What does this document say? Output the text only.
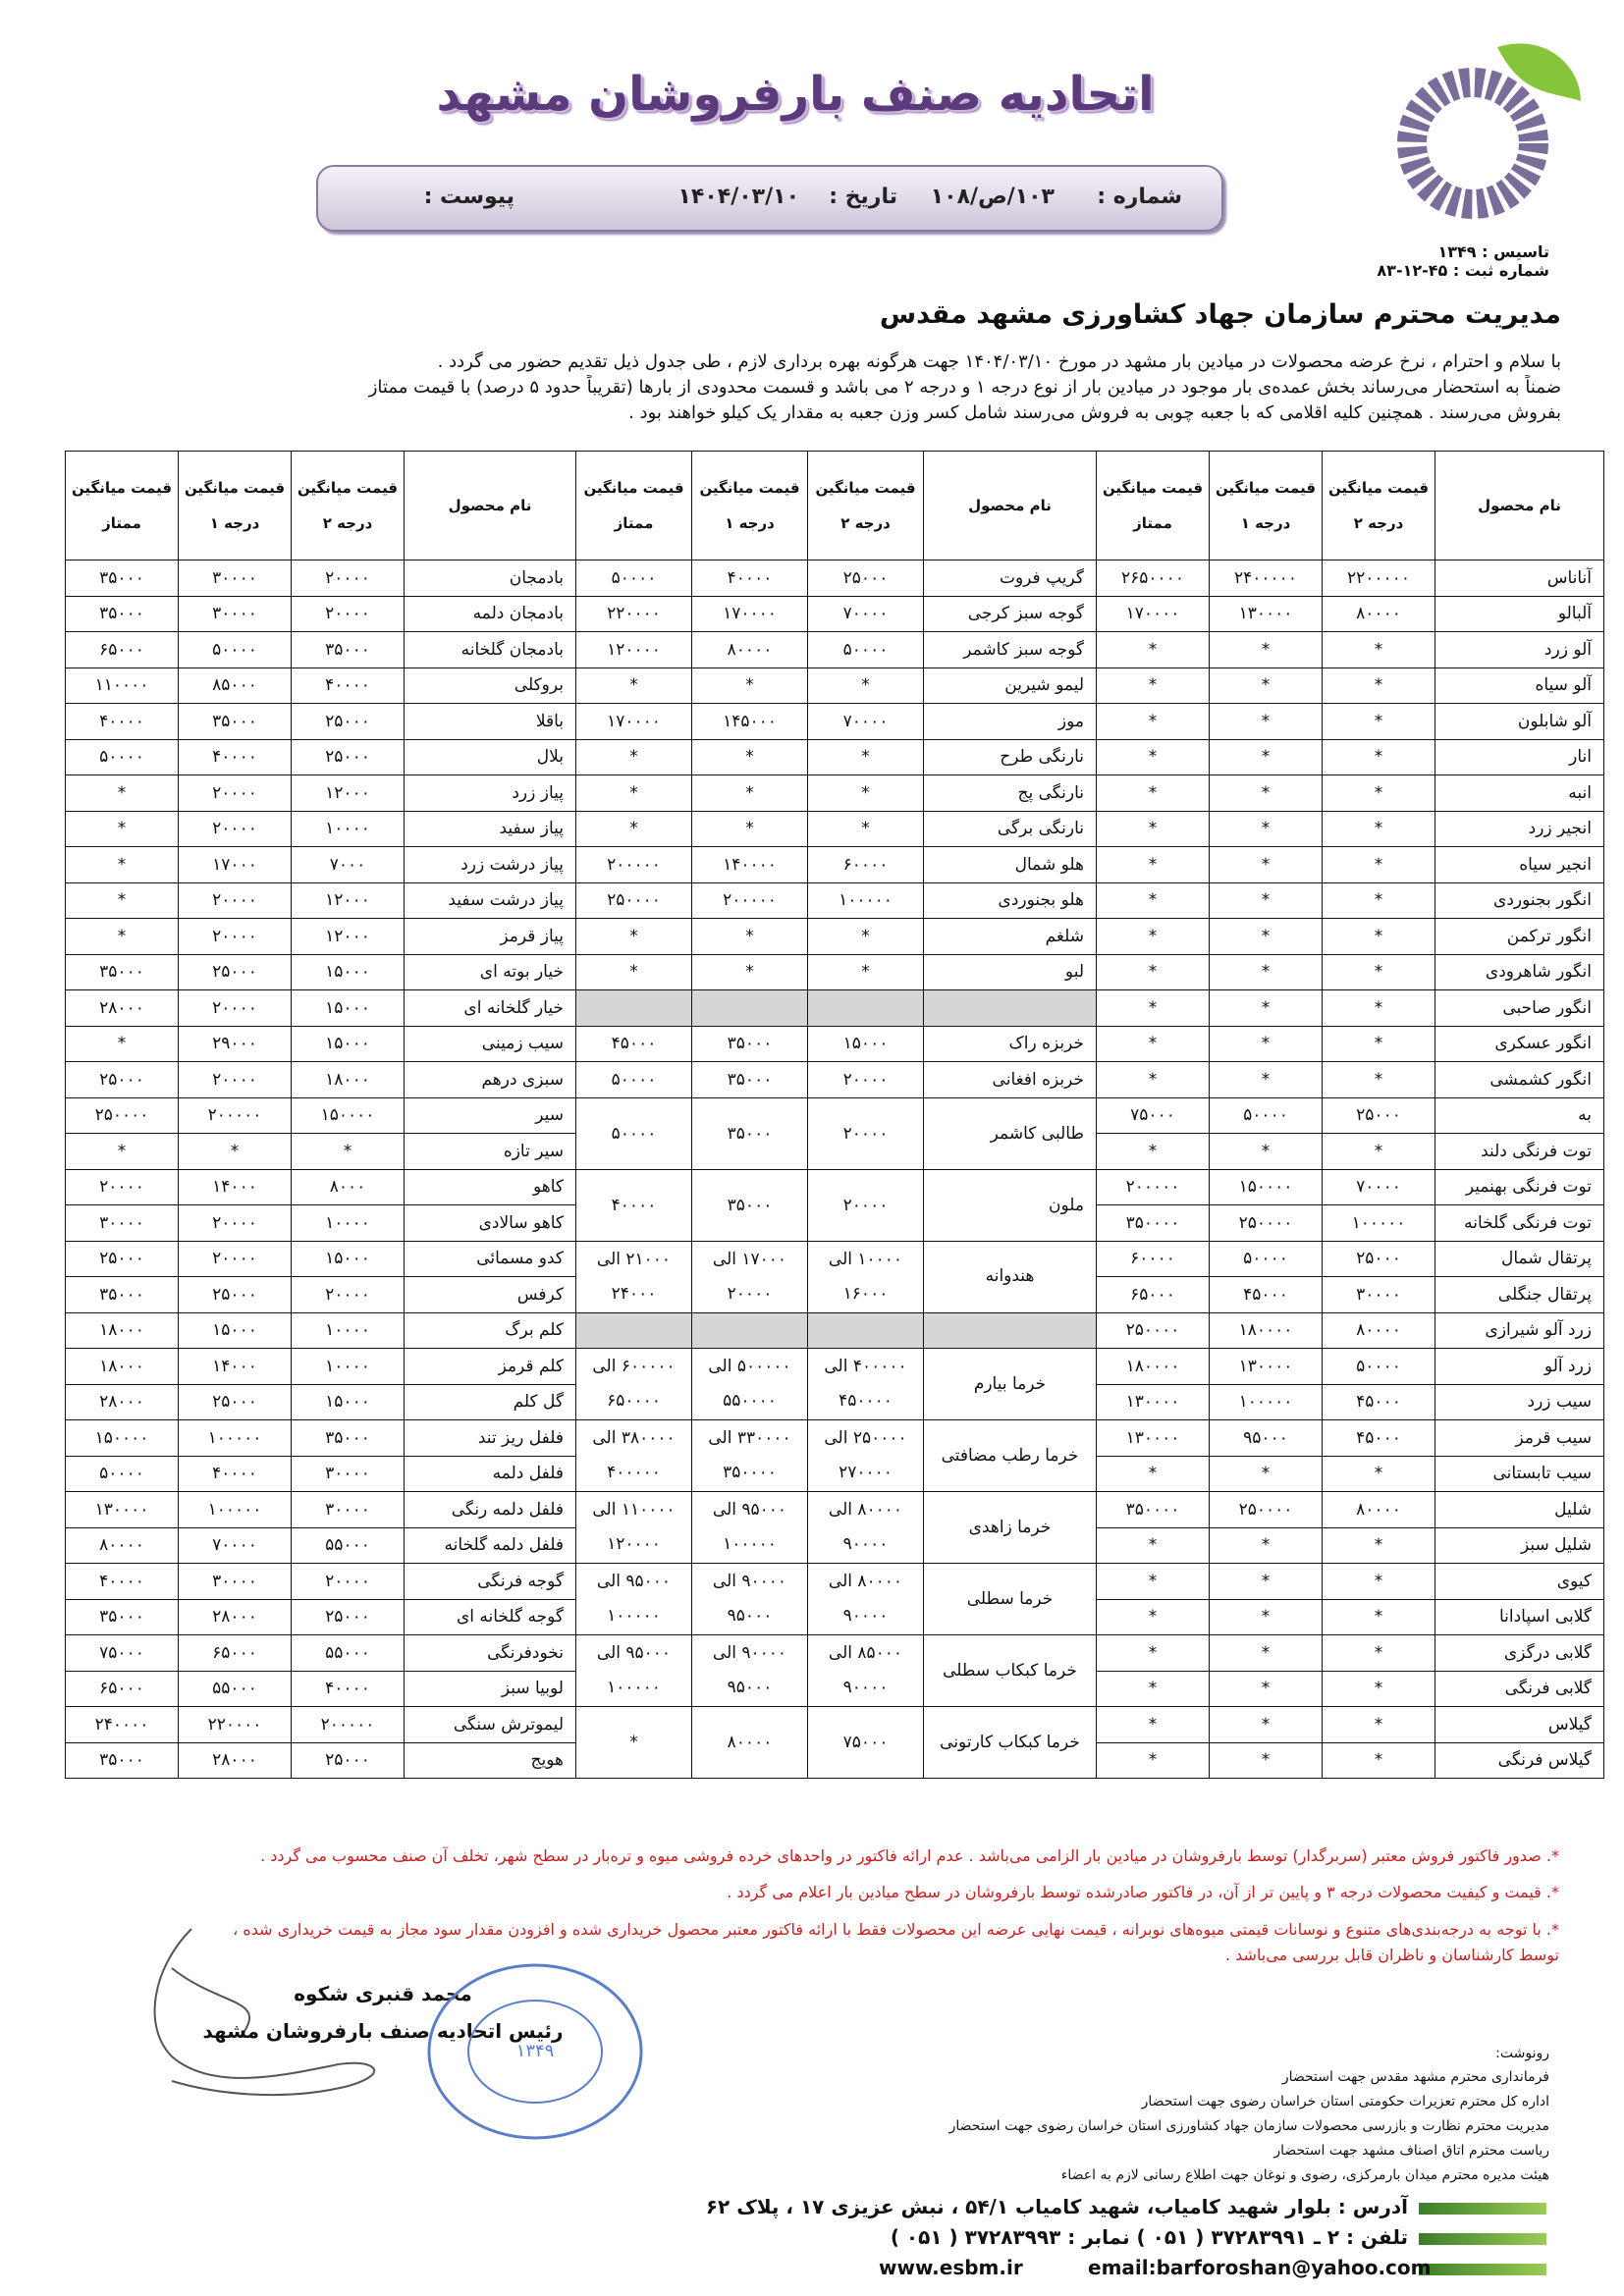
اتحادیه صنف بارفروشان مشهد
شماره :
۱۰۳/ص/۱۰۸
تاریخ :
۱۴۰۴/۰۳/۱۰
پیوست :
تاسیس : ۱۳۴۹
شماره ثبت : ۴۵-۱۲-۸۳
مدیریت محترم سازمان جهاد کشاورزی مشهد مقدس
با سلام و احترام ، نرخ عرضه محصولات در میادین بار مشهد در مورخ ۱۴۰۴/۰۳/۱۰ جهت هرگونه بهره برداری لازم ، طی جدول ذیل تقدیم حضور می گردد .
ضمناً به استحضار می‌رساند بخش عمده‌ی بار موجود در میادین بار از نوع درجه ۱ و درجه ۲ می باشد و قسمت محدودی از بارها (تقریباً حدود ۵ درصد) با قیمت ممتاز
بفروش می‌رسند . همچنین کلیه اقلامی که با جعبه چوبی به فروش می‌رسند شامل کسر وزن جعبه به مقدار یک کیلو خواهند بود .
نام محصول	قیمت میانگین درجه ۲	قیمت میانگین درجه ۱	قیمت میانگین ممتاز	نام محصول	قیمت میانگین درجه ۲	قیمت میانگین درجه ۱	قیمت میانگین ممتاز	نام محصول	قیمت میانگین درجه ۲	قیمت میانگین درجه ۱	قیمت میانگین ممتاز
آناناس	۲۲۰۰۰۰۰	۲۴۰۰۰۰۰	۲۶۵۰۰۰۰	گریپ فروت	۲۵۰۰۰	۴۰۰۰۰	۵۰۰۰۰	بادمجان	۲۰۰۰۰	۳۰۰۰۰	۳۵۰۰۰
آلبالو	۸۰۰۰۰	۱۳۰۰۰۰	۱۷۰۰۰۰	گوجه سبز کرجی	۷۰۰۰۰	۱۷۰۰۰۰	۲۲۰۰۰۰	بادمجان دلمه	۲۰۰۰۰	۳۰۰۰۰	۳۵۰۰۰
آلو زرد	*	*	*	گوجه سبز کاشمر	۵۰۰۰۰	۸۰۰۰۰	۱۲۰۰۰۰	بادمجان گلخانه	۳۵۰۰۰	۵۰۰۰۰	۶۵۰۰۰
آلو سیاه	*	*	*	لیمو شیرین	*	*	*	بروکلی	۴۰۰۰۰	۸۵۰۰۰	۱۱۰۰۰۰
آلو شابلون	*	*	*	موز	۷۰۰۰۰	۱۴۵۰۰۰	۱۷۰۰۰۰	باقلا	۲۵۰۰۰	۳۵۰۰۰	۴۰۰۰۰
انار	*	*	*	نارنگی طرح	*	*	*	بلال	۲۵۰۰۰	۴۰۰۰۰	۵۰۰۰۰
انبه	*	*	*	نارنگی پج	*	*	*	پیاز زرد	۱۲۰۰۰	۲۰۰۰۰	*
انجیر زرد	*	*	*	نارنگی برگی	*	*	*	پیاز سفید	۱۰۰۰۰	۲۰۰۰۰	*
انجیر سیاه	*	*	*	هلو شمال	۶۰۰۰۰	۱۴۰۰۰۰	۲۰۰۰۰۰	پیاز درشت زرد	۷۰۰۰	۱۷۰۰۰	*
انگور بجنوردی	*	*	*	هلو بجنوردی	۱۰۰۰۰۰	۲۰۰۰۰۰	۲۵۰۰۰۰	پیاز درشت سفید	۱۲۰۰۰	۲۰۰۰۰	*
انگور ترکمن	*	*	*	شلغم	*	*	*	پیاز قرمز	۱۲۰۰۰	۲۰۰۰۰	*
انگور شاهرودی	*	*	*	لبو	*	*	*	خیار بوته ای	۱۵۰۰۰	۲۵۰۰۰	۳۵۰۰۰
انگور صاحبی	*	*	*					خیار گلخانه ای	۱۵۰۰۰	۲۰۰۰۰	۲۸۰۰۰
انگور عسکری	*	*	*	خربزه راک	۱۵۰۰۰	۳۵۰۰۰	۴۵۰۰۰	سیب زمینی	۱۵۰۰۰	۲۹۰۰۰	*
انگور کشمشی	*	*	*	خربزه افغانی	۲۰۰۰۰	۳۵۰۰۰	۵۰۰۰۰	سبزی درهم	۱۸۰۰۰	۲۰۰۰۰	۲۵۰۰۰
به	۲۵۰۰۰	۵۰۰۰۰	۷۵۰۰۰	طالبی کاشمر	۲۰۰۰۰	۳۵۰۰۰	۵۰۰۰۰	سیر	۱۵۰۰۰۰	۲۰۰۰۰۰	۲۵۰۰۰۰
توت فرنگی دلند	*	*	*					سیر تازه	*	*	*
توت فرنگی بهنمیر	۷۰۰۰۰	۱۵۰۰۰۰	۲۰۰۰۰۰	ملون	۲۰۰۰۰	۳۵۰۰۰	۴۰۰۰۰	کاهو	۸۰۰۰	۱۴۰۰۰	۲۰۰۰۰
توت فرنگی گلخانه	۱۰۰۰۰۰	۲۵۰۰۰۰	۳۵۰۰۰۰					کاهو سالادی	۱۰۰۰۰	۲۰۰۰۰	۳۰۰۰۰
پرتقال شمال	۲۵۰۰۰	۵۰۰۰۰	۶۰۰۰۰	هندوانه	۱۰۰۰۰ الی ۱۶۰۰۰	۱۷۰۰۰ الی ۲۰۰۰۰	۲۱۰۰۰ الی ۲۴۰۰۰	کدو مسمائی	۱۵۰۰۰	۲۰۰۰۰	۲۵۰۰۰
پرتقال جنگلی	۳۰۰۰۰	۴۵۰۰۰	۶۵۰۰۰					کرفس	۲۰۰۰۰	۲۵۰۰۰	۳۵۰۰۰
زرد آلو شیرازی	۸۰۰۰۰	۱۸۰۰۰۰	۲۵۰۰۰۰					کلم برگ	۱۰۰۰۰	۱۵۰۰۰	۱۸۰۰۰
زرد آلو	۵۰۰۰۰	۱۳۰۰۰۰	۱۸۰۰۰۰	خرما بیارم	۴۰۰۰۰۰ الی ۴۵۰۰۰۰	۵۰۰۰۰۰ الی ۵۵۰۰۰۰	۶۰۰۰۰۰ الی ۶۵۰۰۰۰	کلم قرمز	۱۰۰۰۰	۱۴۰۰۰	۱۸۰۰۰
سیب زرد	۴۵۰۰۰	۱۰۰۰۰۰	۱۳۰۰۰۰					گل کلم	۱۵۰۰۰	۲۵۰۰۰	۲۸۰۰۰
سیب قرمز	۴۵۰۰۰	۹۵۰۰۰	۱۳۰۰۰۰	خرما رطب مضافتی	۲۵۰۰۰۰ الی ۲۷۰۰۰۰	۳۳۰۰۰۰ الی ۳۵۰۰۰۰	۳۸۰۰۰۰ الی ۴۰۰۰۰۰	فلفل ریز تند	۳۵۰۰۰	۱۰۰۰۰۰	۱۵۰۰۰۰
سیب تابستانی	*	*	*					فلفل دلمه	۳۰۰۰۰	۴۰۰۰۰	۵۰۰۰۰
شلیل	۸۰۰۰۰	۲۵۰۰۰۰	۳۵۰۰۰۰	خرما زاهدی	۸۰۰۰۰ الی ۹۰۰۰۰	۹۵۰۰۰ الی ۱۰۰۰۰۰	۱۱۰۰۰۰ الی ۱۲۰۰۰۰	فلفل دلمه رنگی	۳۰۰۰۰	۱۰۰۰۰۰	۱۳۰۰۰۰
شلیل سبز	*	*	*					فلفل دلمه گلخانه	۵۵۰۰۰	۷۰۰۰۰	۸۰۰۰۰
کیوی	*	*	*	خرما سطلی	۸۰۰۰۰ الی ۹۰۰۰۰	۹۰۰۰۰ الی ۹۵۰۰۰	۹۵۰۰۰ الی ۱۰۰۰۰۰	گوجه فرنگی	۲۰۰۰۰	۳۰۰۰۰	۴۰۰۰۰
گلابی اسپادانا	*	*	*					گوجه گلخانه ای	۲۵۰۰۰	۲۸۰۰۰	۳۵۰۰۰
گلابی درگزی	*	*	*	خرما کبکاب سطلی	۸۵۰۰۰ الی ۹۰۰۰۰	۹۰۰۰۰ الی ۹۵۰۰۰	۹۵۰۰۰ الی ۱۰۰۰۰۰	نخودفرنگی	۵۵۰۰۰	۶۵۰۰۰	۷۵۰۰۰
گلابی فرنگی	*	*	*					لوبیا سبز	۴۰۰۰۰	۵۵۰۰۰	۶۵۰۰۰
گیلاس	*	*	*	خرما کبکاب کارتونی	۷۵۰۰۰	۸۰۰۰۰	*	لیموترش سنگی	۲۰۰۰۰۰	۲۲۰۰۰۰	۲۴۰۰۰۰
گیلاس فرنگی	*	*	*					هویج	۲۵۰۰۰	۲۸۰۰۰	۳۵۰۰۰
*. صدور فاکتور فروش معتبر (سربرگدار) توسط بارفروشان در میادین بار الزامی می‌باشد . عدم ارائه فاکتور در واحدهای خرده فروشی میوه و تره‌بار در سطح شهر، تخلف آن صنف محسوب می گردد .
*. قیمت و کیفیت محصولات درجه ۳ و پایین تر از آن، در فاکتور صادرشده توسط بارفروشان در سطح میادین بار اعلام می گردد .
*. با توجه به درجه‌بندی‌های متنوع و نوسانات قیمتی میوه‌های نوبرانه ، قیمت نهایی عرضه این محصولات فقط با ارائه فاکتور معتبر محصول خریداری شده و افزودن مقدار سود مجاز به قیمت خریداری شده ،
توسط کارشناسان و ناظران قابل بررسی می‌باشد .
محمد قنبری شکوه
رئیس اتحادیه صنف بارفروشان مشهد
۱۳۴۹	رونوشت:
فرمانداری محترم مشهد مقدس جهت استحضار
اداره کل محترم تعزیرات حکومتی استان خراسان رضوی جهت استحضار
مدیریت محترم نظارت و بازرسی محصولات سازمان جهاد کشاورزی استان خراسان رضوی جهت استحضار
ریاست محترم اتاق اصناف مشهد جهت استحضار
هیئت مدیره محترم میدان بارمرکزی، رضوی و نوغان جهت اطلاع رسانی لازم به اعضاء
آدرس : بلوار شهید کامیاب، شهید کامیاب ۵۴/۱ ، نبش عزیزی ۱۷ ، پلاک ۶۲
تلفن : ۲ ـ ۳۷۲۸۳۹۹۱ ( ۰۵۱ ) نمابر : ۳۷۲۸۳۹۹۳ ( ۰۵۱ )
email:barforoshan@yahoo.com
www.esbm.ir
